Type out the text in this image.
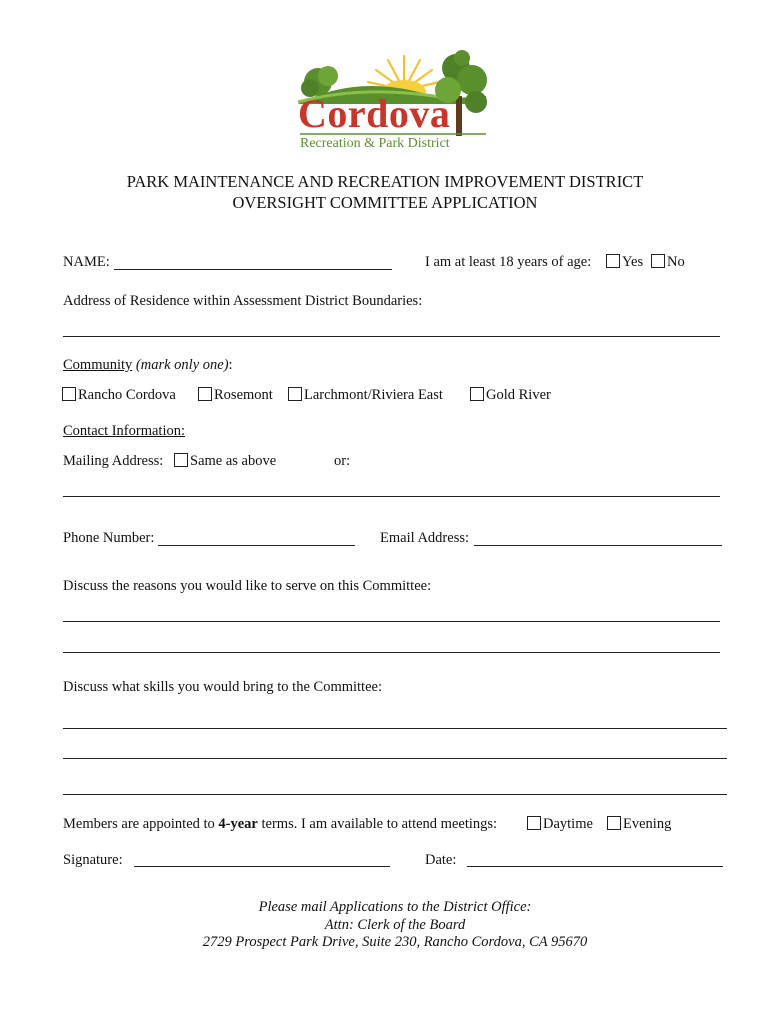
Cordova
Recreation & Park District
PARK MAINTENANCE AND RECREATION IMPROVEMENT DISTRICT
OVERSIGHT COMMITTEE APPLICATION
NAME:	I am at least 18 years of age:	Yes	No
Address of Residence within Assessment District Boundaries:
Community (mark only one):
Rancho Cordova	Rosemont	Larchmont/Riviera East	Gold River
Contact Information:
Mailing Address:	Same as above	or:
Phone Number:	Email Address:
Discuss the reasons you would like to serve on this Committee:
Discuss what skills you would bring to the Committee:
Members are appointed to 4-year terms. I am available to attend meetings:	Daytime	Evening
Signature:	Date:
Please mail Applications to the District Office:
Attn: Clerk of the Board
2729 Prospect Park Drive, Suite 230, Rancho Cordova, CA 95670
